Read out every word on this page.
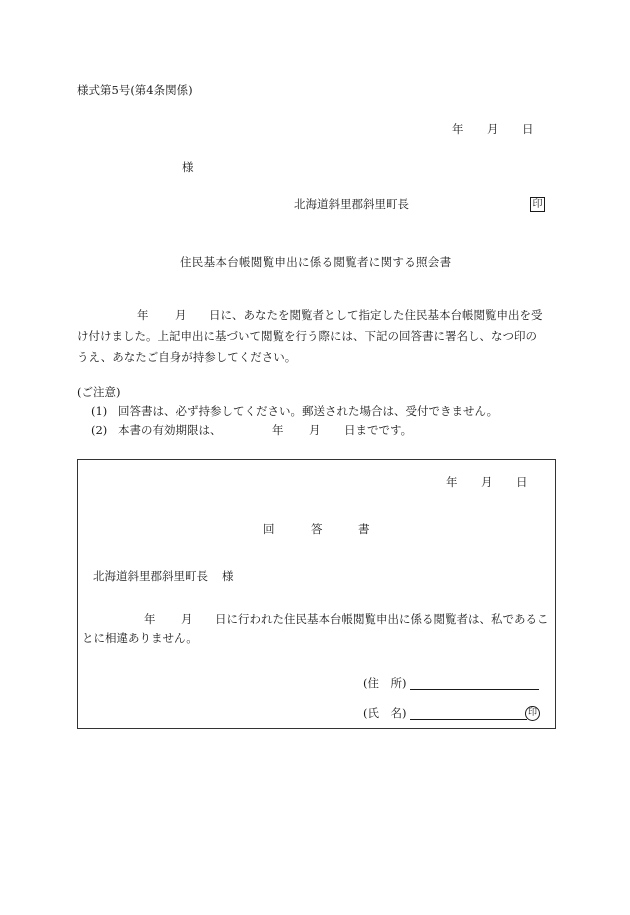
様式第5号(第4条関係)
年 月 日
様
北海道斜里郡斜里町長	印
住民基本台帳閲覧申出に係る閲覧者に関する照会書
年 月 日に、あなたを閲覧者として指定した住民基本台帳閲覧申出を受
け付けました。上記申出に基づいて閲覧を行う際には、下記の回答書に署名し、なつ印の
うえ、あなたご自身が持参してください。
(ご注意)
(1) 回答書は、必ず持参してください。郵送された場合は、受付できません。
(2) 本書の有効期限は、	年 月 日までです。
年 月 日
回	答	書
北海道斜里郡斜里町長 様
年 月 日に行われた住民基本台帳閲覧申出に係る閲覧者は、私であるこ
とに相違ありません。
(住　所)
(氏　名)	印
